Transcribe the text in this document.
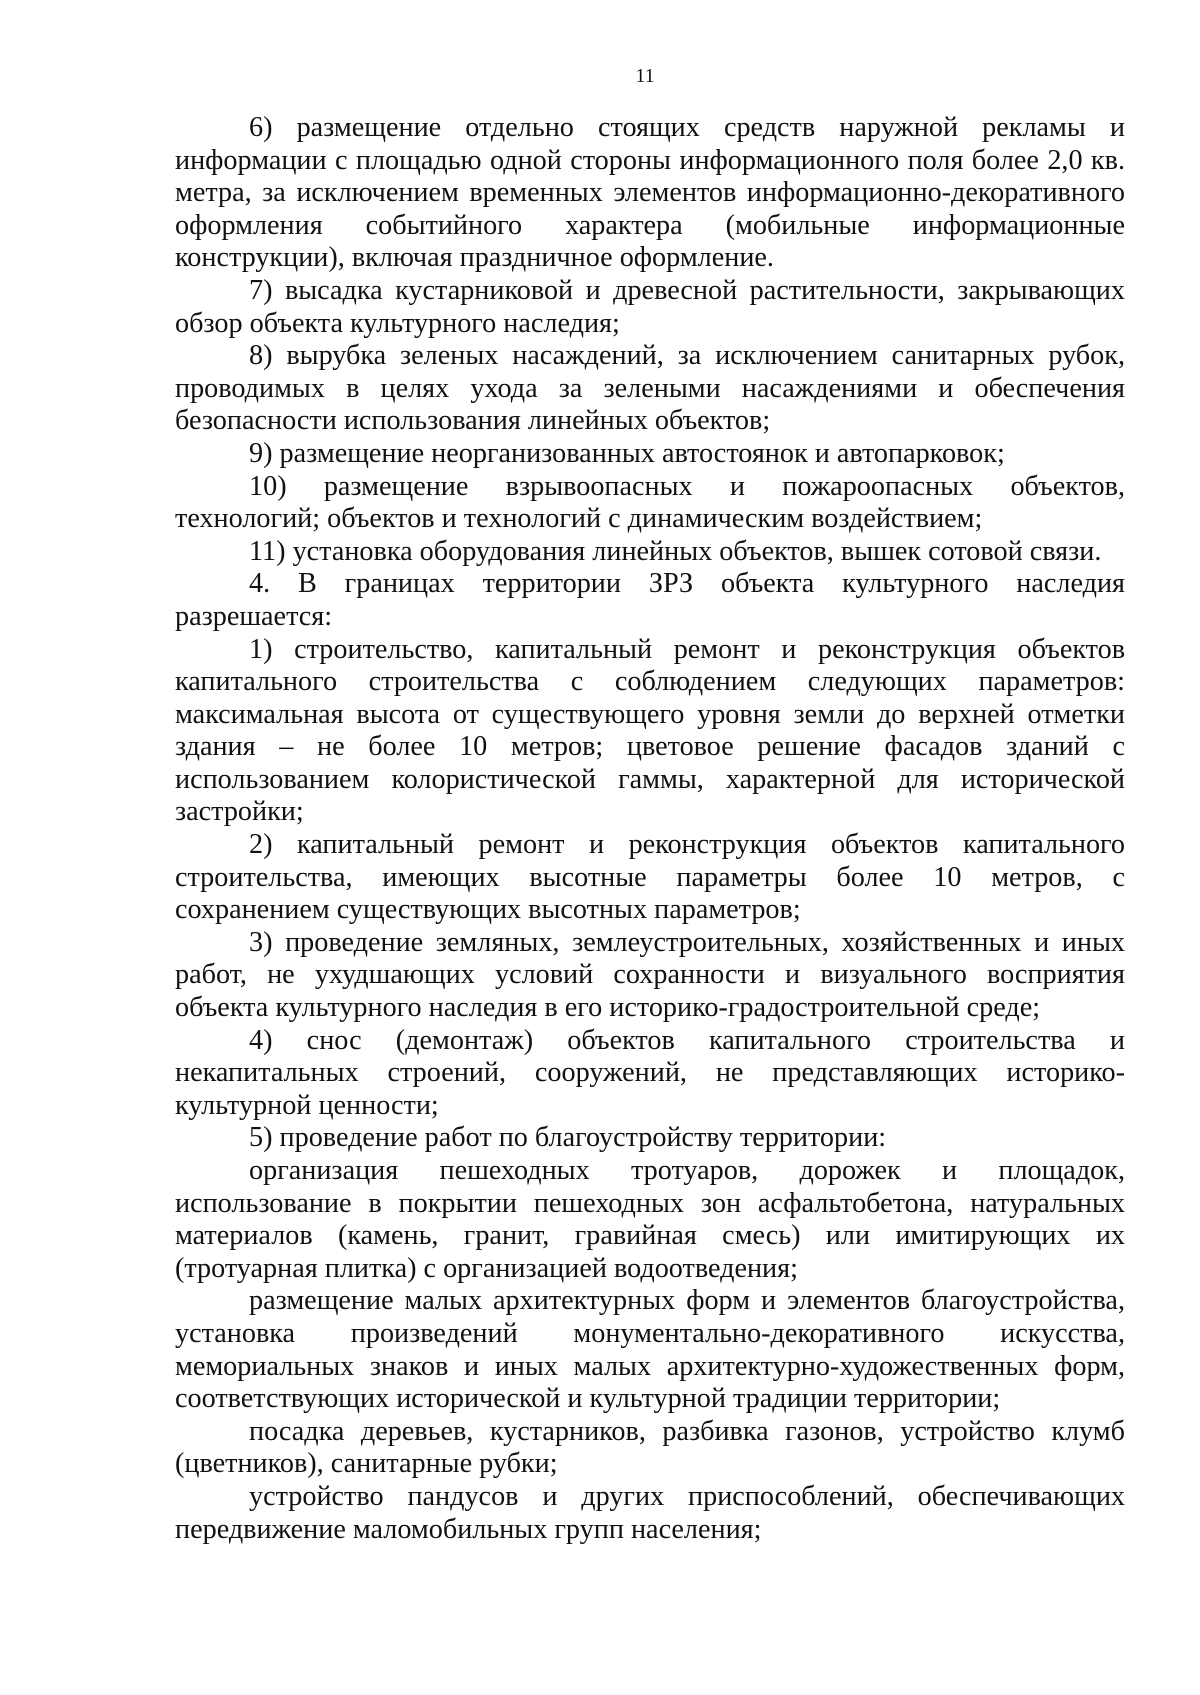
11

6) размещение отдельно стоящих средств наружной рекламы и информации с площадью одной стороны информационного поля более 2,0 кв. метра, за исключением временных элементов информационно-декоративного оформления событийного характера (мобильные информационные конструкции), включая праздничное оформление.

7) высадка кустарниковой и древесной растительности, закрывающих обзор объекта культурного наследия;

8) вырубка зеленых насаждений, за исключением санитарных рубок, проводимых в целях ухода за зелеными насаждениями и обеспечения безопасности использования линейных объектов;

9) размещение неорганизованных автостоянок и автопарковок;

10) размещение взрывоопасных и пожароопасных объектов, технологий; объектов и технологий с динамическим воздействием;

11) установка оборудования линейных объектов, вышек сотовой связи.

4. В границах территории ЗРЗ объекта культурного наследия разрешается:

1) строительство, капитальный ремонт и реконструкция объектов капитального строительства с соблюдением следующих параметров: максимальная высота от существующего уровня земли до верхней отметки здания – не более 10 метров; цветовое решение фасадов зданий с использованием колористической гаммы, характерной для исторической застройки;

2) капитальный ремонт и реконструкция объектов капитального строительства, имеющих высотные параметры более 10 метров, с сохранением существующих высотных параметров;

3) проведение земляных, землеустроительных, хозяйственных и иных работ, не ухудшающих условий сохранности и визуального восприятия объекта культурного наследия в его историко-градостроительной среде;

4) снос (демонтаж) объектов капитального строительства и некапитальных строений, сооружений, не представляющих историко-культурной ценности;

5) проведение работ по благоустройству территории:

организация пешеходных тротуаров, дорожек и площадок, использование в покрытии пешеходных зон асфальтобетона, натуральных материалов (камень, гранит, гравийная смесь) или имитирующих их (тротуарная плитка) с организацией водоотведения;

размещение малых архитектурных форм и элементов благоустройства, установка произведений монументально-декоративного искусства, мемориальных знаков и иных малых архитектурно-художественных форм, соответствующих исторической и культурной традиции территории;

посадка деревьев, кустарников, разбивка газонов, устройство клумб (цветников), санитарные рубки;

устройство пандусов и других приспособлений, обеспечивающих передвижение маломобильных групп населения;
